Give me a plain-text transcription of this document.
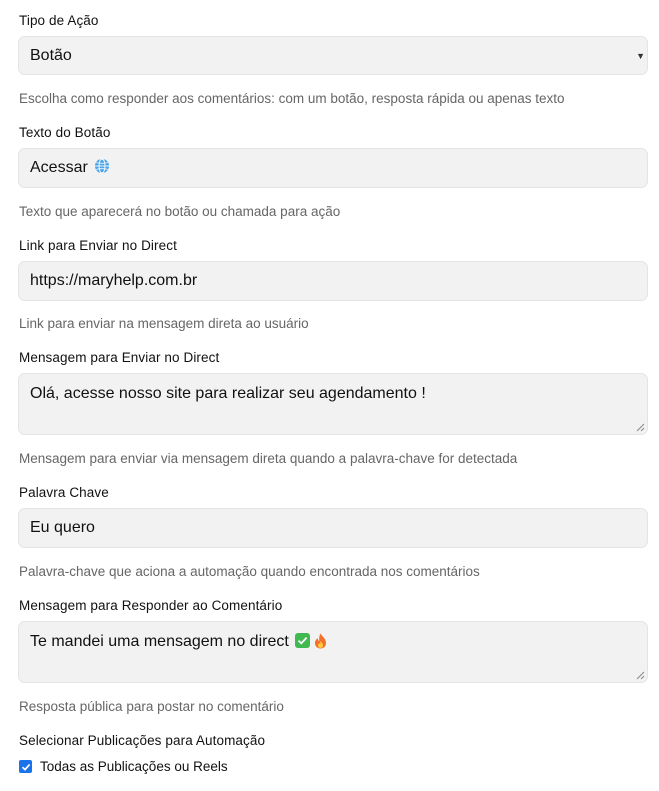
Tipo de Ação
Botão	▼
Escolha como responder aos comentários: com um botão, resposta rápida ou apenas texto
Texto do Botão
Acessar
Texto que aparecerá no botão ou chamada para ação
Link para Enviar no Direct
https://maryhelp.com.br
Link para enviar na mensagem direta ao usuário
Mensagem para Enviar no Direct
Olá, acesse nosso site para realizar seu agendamento !
Mensagem para enviar via mensagem direta quando a palavra-chave for detectada
Palavra Chave
Eu quero
Palavra-chave que aciona a automação quando encontrada nos comentários
Mensagem para Responder ao Comentário
Te mandei uma mensagem no direct
Resposta pública para postar no comentário
Selecionar Publicações para Automação
Todas as Publicações ou Reels
